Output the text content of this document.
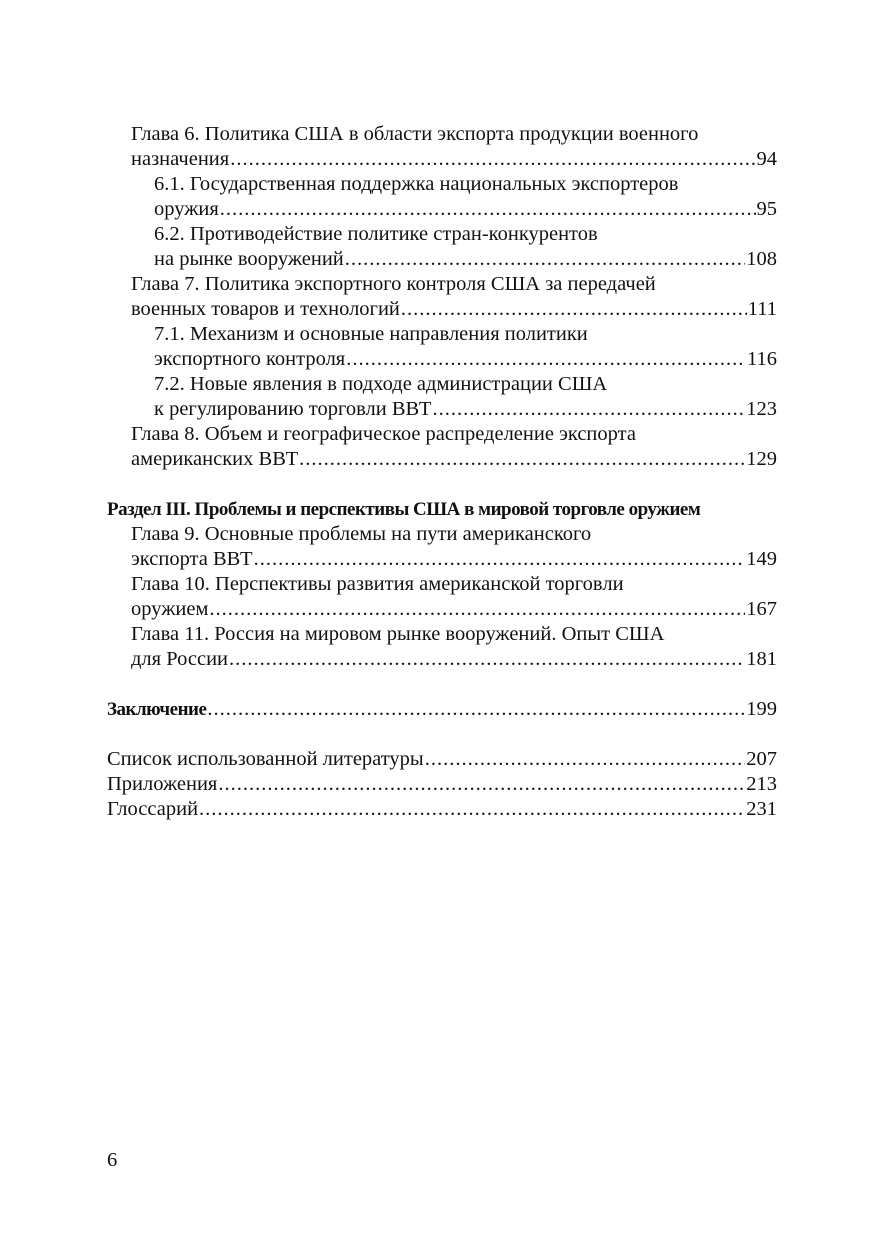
Глава 6. Политика США в области экспорта продукции военного
назначения .....	94
6.1. Государственная поддержка национальных экспортеров
оружия .....	95
6.2. Противодействие политике стран-конкурентов
на рынке вооружений .....	108
Глава 7. Политика экспортного контроля США за передачей
военных товаров и технологий .....	111
7.1. Механизм и основные направления политики
экспортного контроля .....	116
7.2. Новые явления в подходе администрации США
к регулированию торговли ВВТ .....	123
Глава 8. Объем и географическое распределение экспорта
американских ВВТ .....	129
Раздел III. Проблемы и перспективы США в мировой торговле оружием
Глава 9. Основные проблемы на пути американского
экспорта ВВТ .....	149
Глава 10. Перспективы развития американской торговли
оружием .....	167
Глава 11. Россия на мировом рынке вооружений. Опыт США
для России .....	181
Заключение .....	199
Список использованной литературы .....	207
Приложения .....	213
Глоссарий .....	231
6
